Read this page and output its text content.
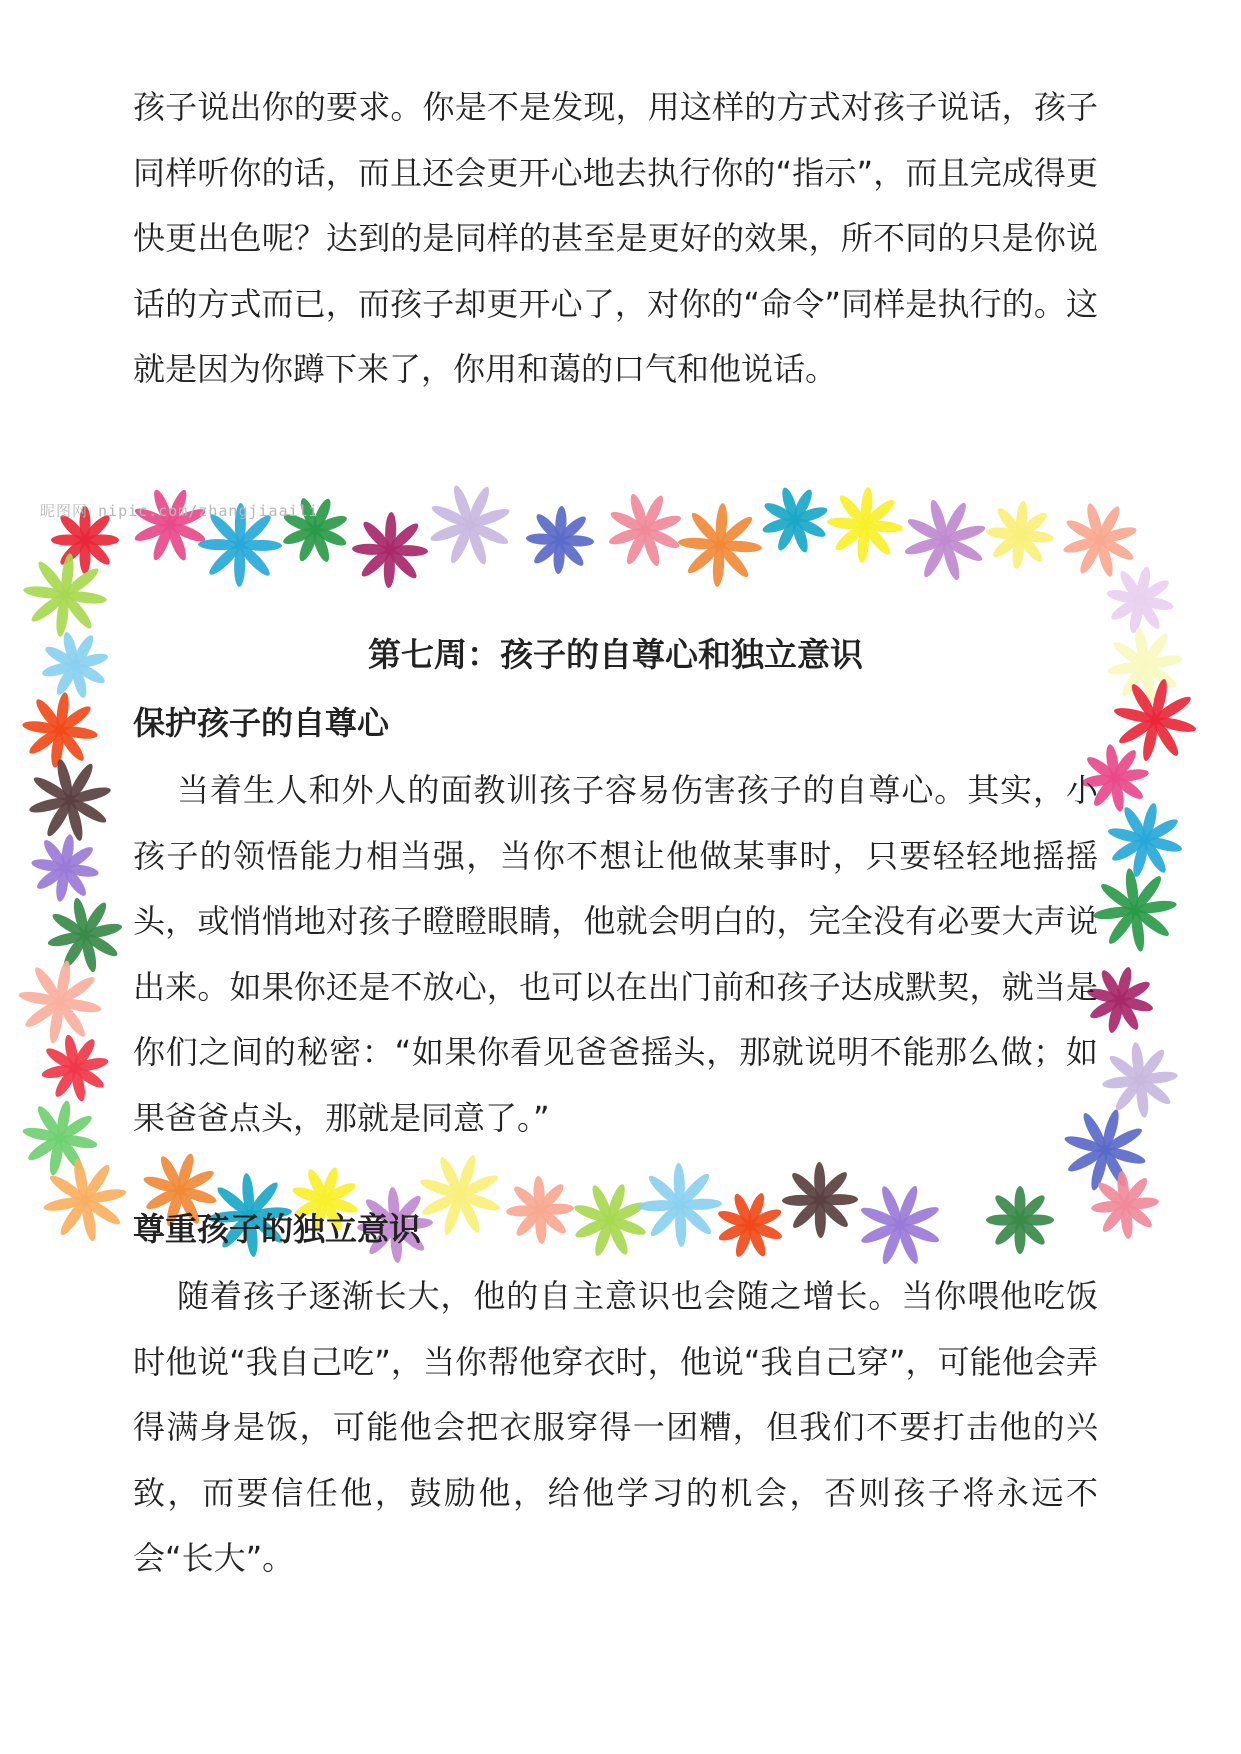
孩子说出你的要求。你是不是发现，用这样的方式对孩子说话，孩子同样听你的话，而且还会更开心地去执行你的“指示”，而且完成得更快更出色呢？达到的是同样的甚至是更好的效果，所不同的只是你说话的方式而已，而孩子却更开心了，对你的“命令”同样是执行的。这就是因为你蹲下来了，你用和蔼的口气和他说话。

昵图网 nipic.com/zhangjiaaili
第七周：孩子的自尊心和独立意识
保护孩子的自尊心

当着生人和外人的面教训孩子容易伤害孩子的自尊心。其实，小孩子的领悟能力相当强，当你不想让他做某事时，只要轻轻地摇摇头，或悄悄地对孩子瞪瞪眼睛，他就会明白的，完全没有必要大声说出来。如果你还是不放心，也可以在出门前和孩子达成默契，就当是你们之间的秘密：“如果你看见爸爸摇头，那就说明不能那么做；如果爸爸点头，那就是同意了。”

尊重孩子的独立意识

随着孩子逐渐长大，他的自主意识也会随之增长。当你喂他吃饭时他说“我自己吃”，当你帮他穿衣时，他说“我自己穿”，可能他会弄得满身是饭，可能他会把衣服穿得一团糟，但我们不要打击他的兴致，而要信任他，鼓励他，给他学习的机会，否则孩子将永远不会“长大”。
